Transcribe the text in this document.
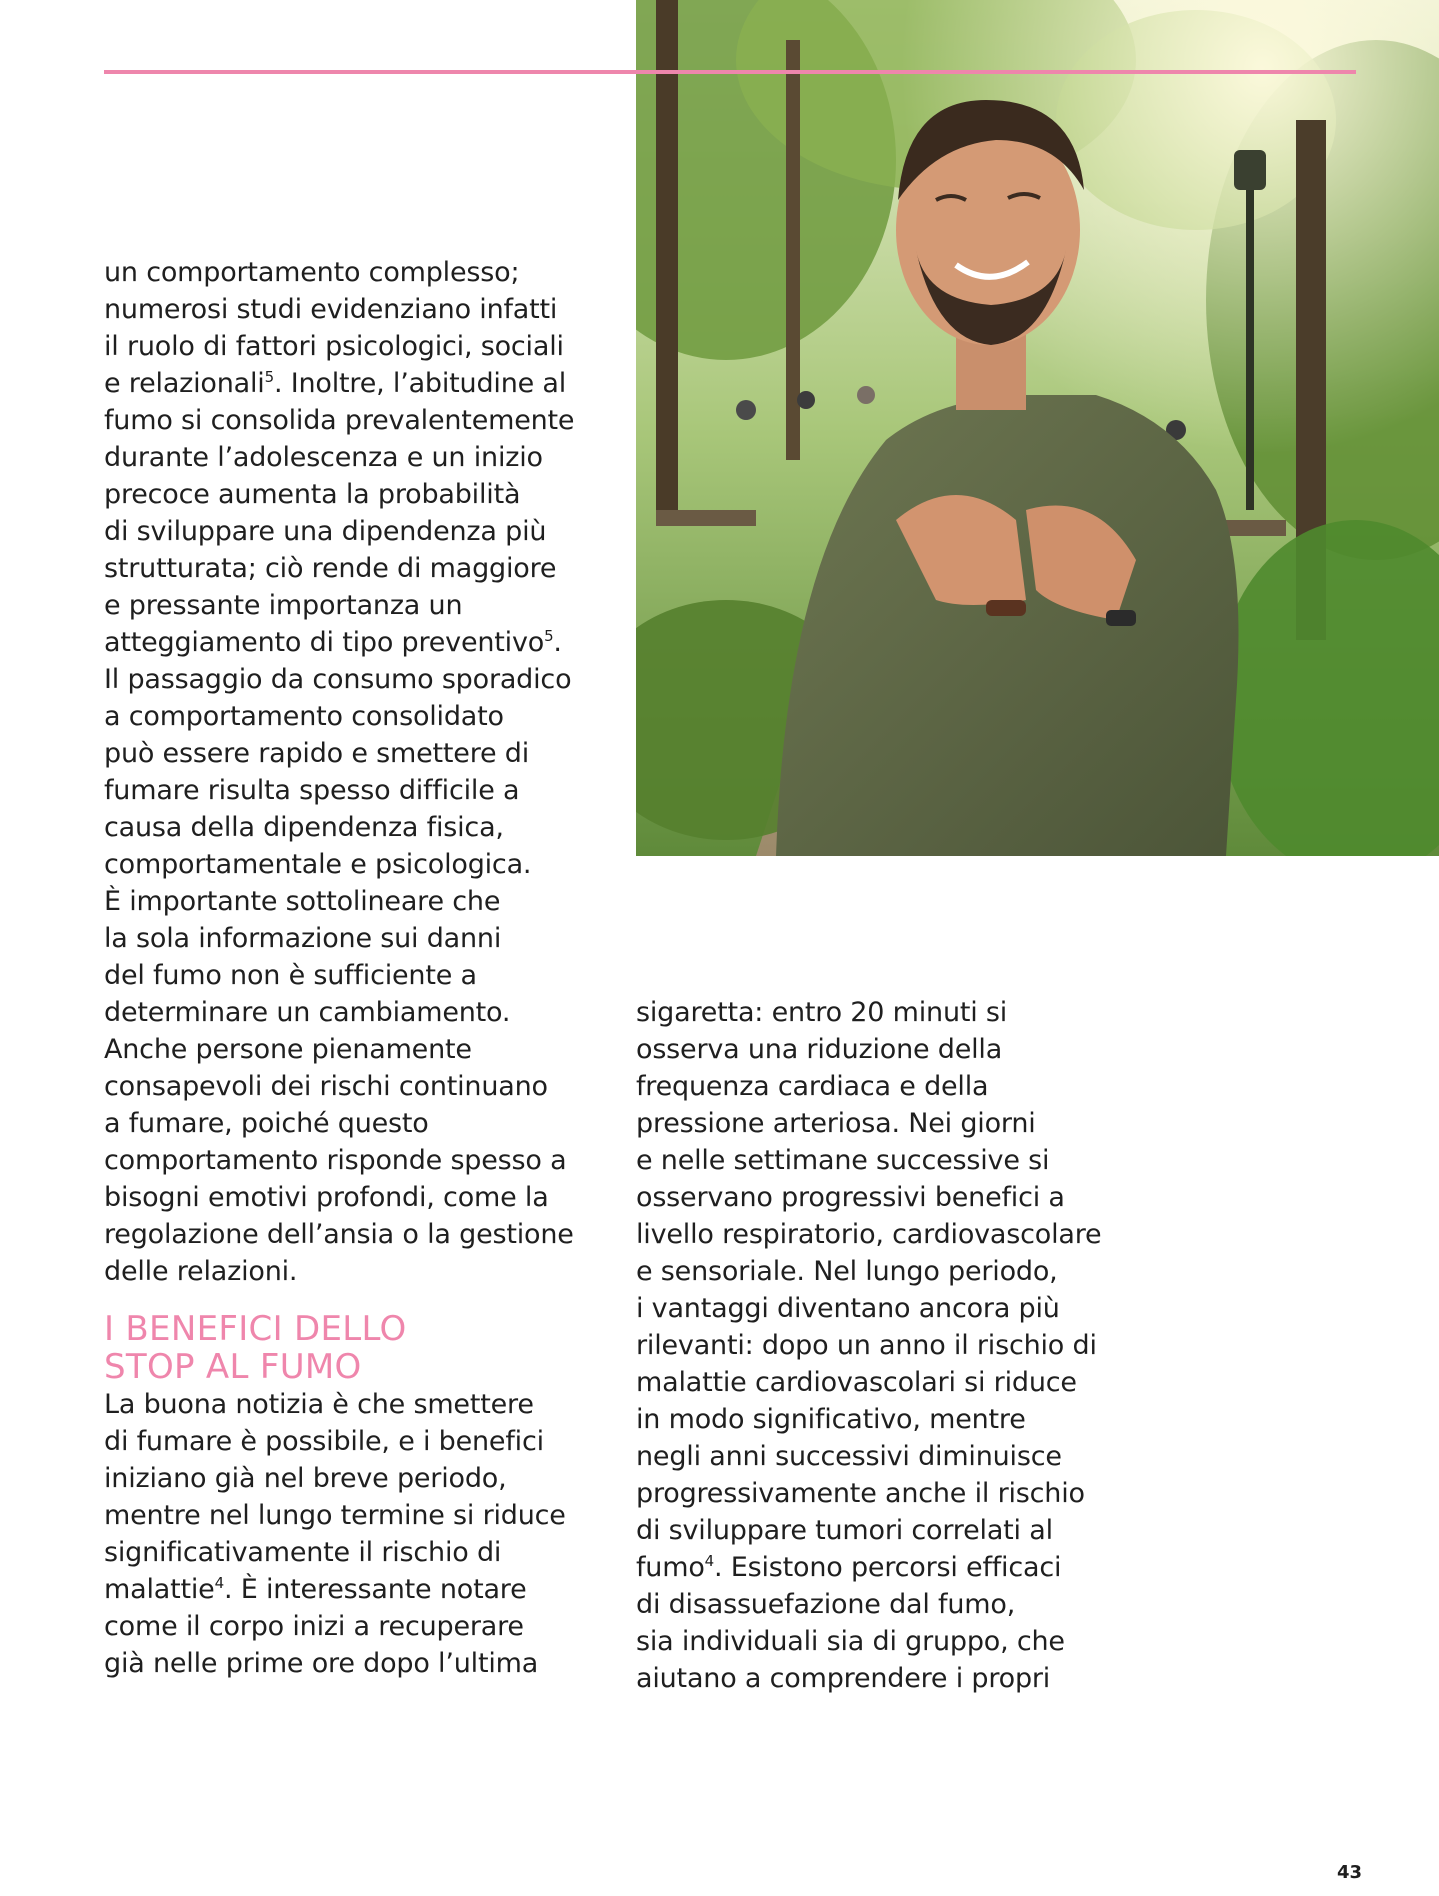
un comportamento complesso;
numerosi studi evidenziano infatti
il ruolo di fattori psicologici, sociali
e relazionali$^5$. Inoltre, l’abitudine al
fumo si consolida prevalentemente
durante l’adolescenza e un inizio
precoce aumenta la probabilità
di sviluppare una dipendenza più
strutturata; ciò rende di maggiore
e pressante importanza un
atteggiamento di tipo preventivo$^5$.
Il passaggio da consumo sporadico
a comportamento consolidato
può essere rapido e smettere di
fumare risulta spesso difficile a
causa della dipendenza fisica,
comportamentale e psicologica.
È importante sottolineare che
la sola informazione sui danni
del fumo non è sufficiente a
determinare un cambiamento.
Anche persone pienamente
consapevoli dei rischi continuano
a fumare, poiché questo
comportamento risponde spesso a
bisogni emotivi profondi, come la
regolazione dell’ansia o la gestione
delle relazioni.
I BENEFICI DELLO
STOP AL FUMO
La buona notizia è che smettere
di fumare è possibile, e i benefici
iniziano già nel breve periodo,
mentre nel lungo termine si riduce
significativamente il rischio di
malattie$^4$. È interessante notare
come il corpo inizi a recuperare
già nelle prime ore dopo l’ultima
sigaretta: entro 20 minuti si
osserva una riduzione della
frequenza cardiaca e della
pressione arteriosa. Nei giorni
e nelle settimane successive si
osservano progressivi benefici a
livello respiratorio, cardiovascolare
e sensoriale. Nel lungo periodo,
i vantaggi diventano ancora più
rilevanti: dopo un anno il rischio di
malattie cardiovascolari si riduce
in modo significativo, mentre
negli anni successivi diminuisce
progressivamente anche il rischio
di sviluppare tumori correlati al
fumo$^4$. Esistono percorsi efficaci
di disassuefazione dal fumo,
sia individuali sia di gruppo, che
aiutano a comprendere i propri
43
